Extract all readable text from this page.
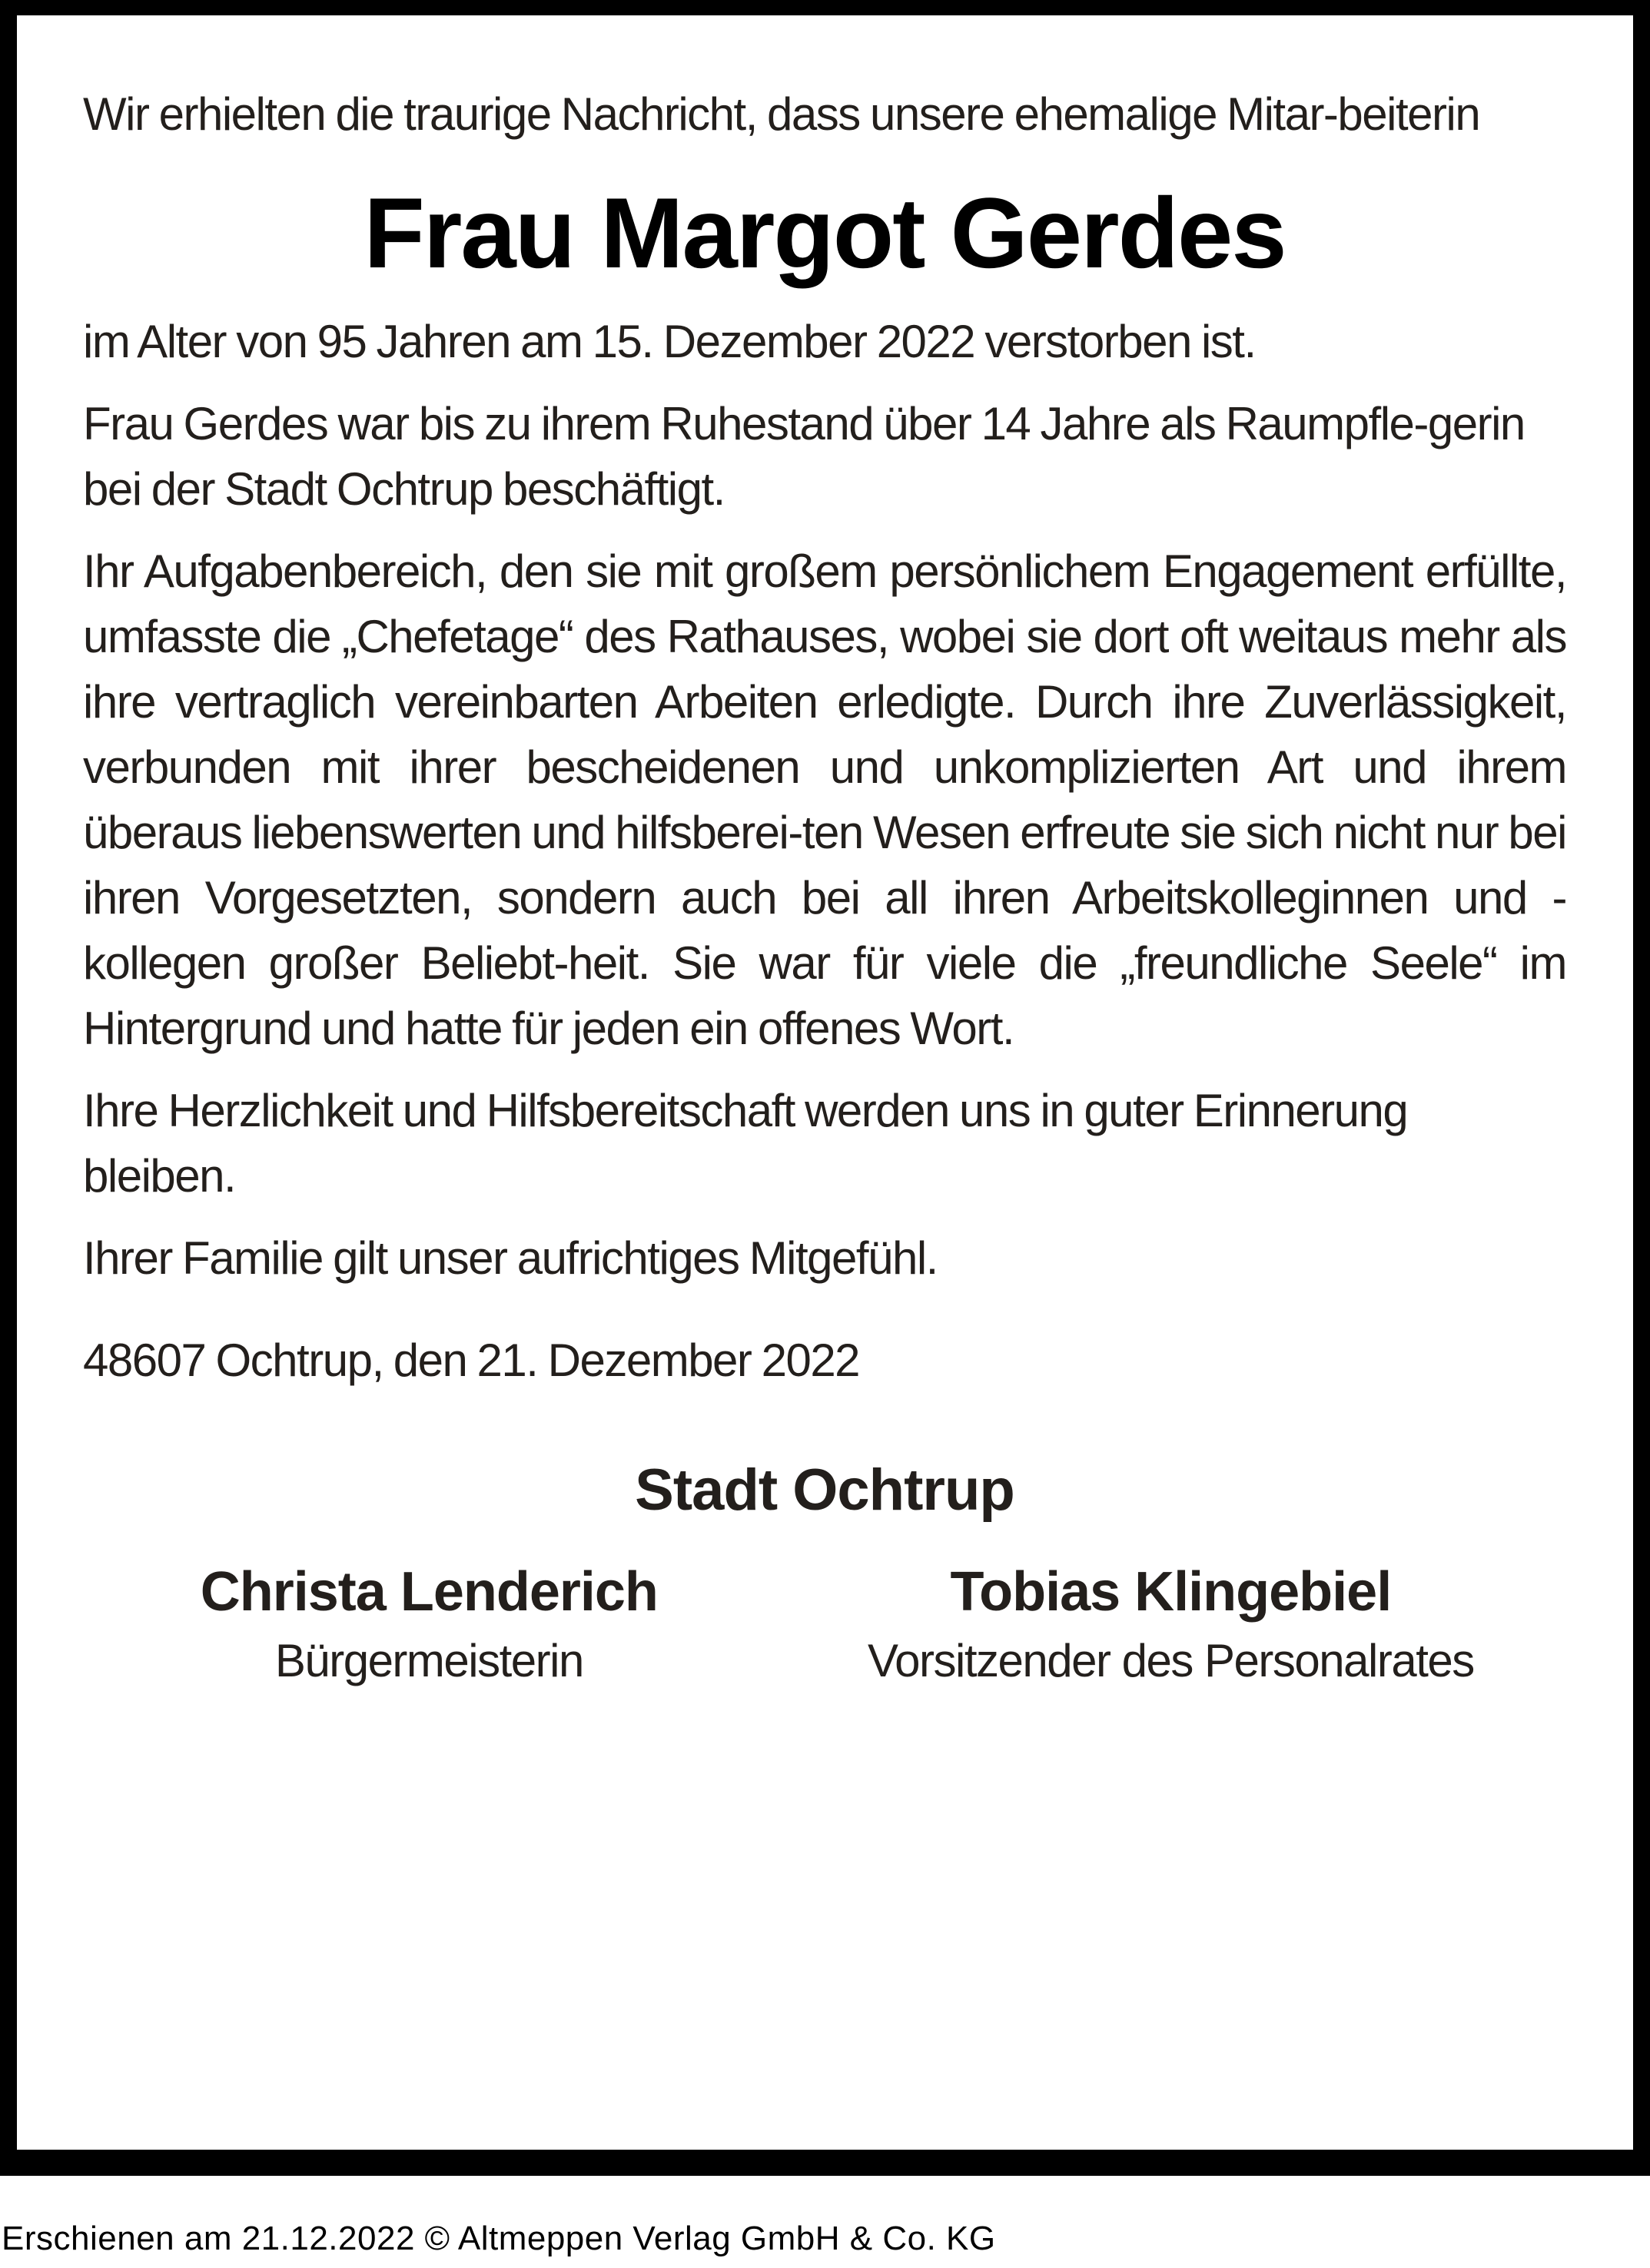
Wir erhielten die traurige Nachricht, dass unsere ehemalige Mitar-beiterin

Frau Margot Gerdes

im Alter von 95 Jahren am 15. Dezember 2022 verstorben ist.

Frau Gerdes war bis zu ihrem Ruhestand über 14 Jahre als Raumpfle-gerin bei der Stadt Ochtrup beschäftigt.

Ihr Aufgabenbereich, den sie mit großem persönlichem Engagement erfüllte, umfasste die „Chefetage“ des Rathauses, wobei sie dort oft weitaus mehr als ihre vertraglich vereinbarten Arbeiten erledigte. Durch ihre Zuverlässigkeit, verbunden mit ihrer bescheidenen und unkomplizierten Art und ihrem überaus liebenswerten und hilfsberei-ten Wesen erfreute sie sich nicht nur bei ihren Vorgesetzten, sondern auch bei all ihren Arbeitskolleginnen und -kollegen großer Beliebt-heit. Sie war für viele die „freundliche Seele“ im Hintergrund und hatte für jeden ein offenes Wort.

Ihre Herzlichkeit und Hilfsbereitschaft werden uns in guter Erinnerung bleiben.

Ihrer Familie gilt unser aufrichtiges Mitgefühl.

48607 Ochtrup, den 21. Dezember 2022

Stadt Ochtrup

Christa Lenderich

Bürgermeisterin

Tobias Klingebiel

Vorsitzender des Personalrates

Erschienen am 21.12.2022 © Altmeppen Verlag GmbH & Co. KG
